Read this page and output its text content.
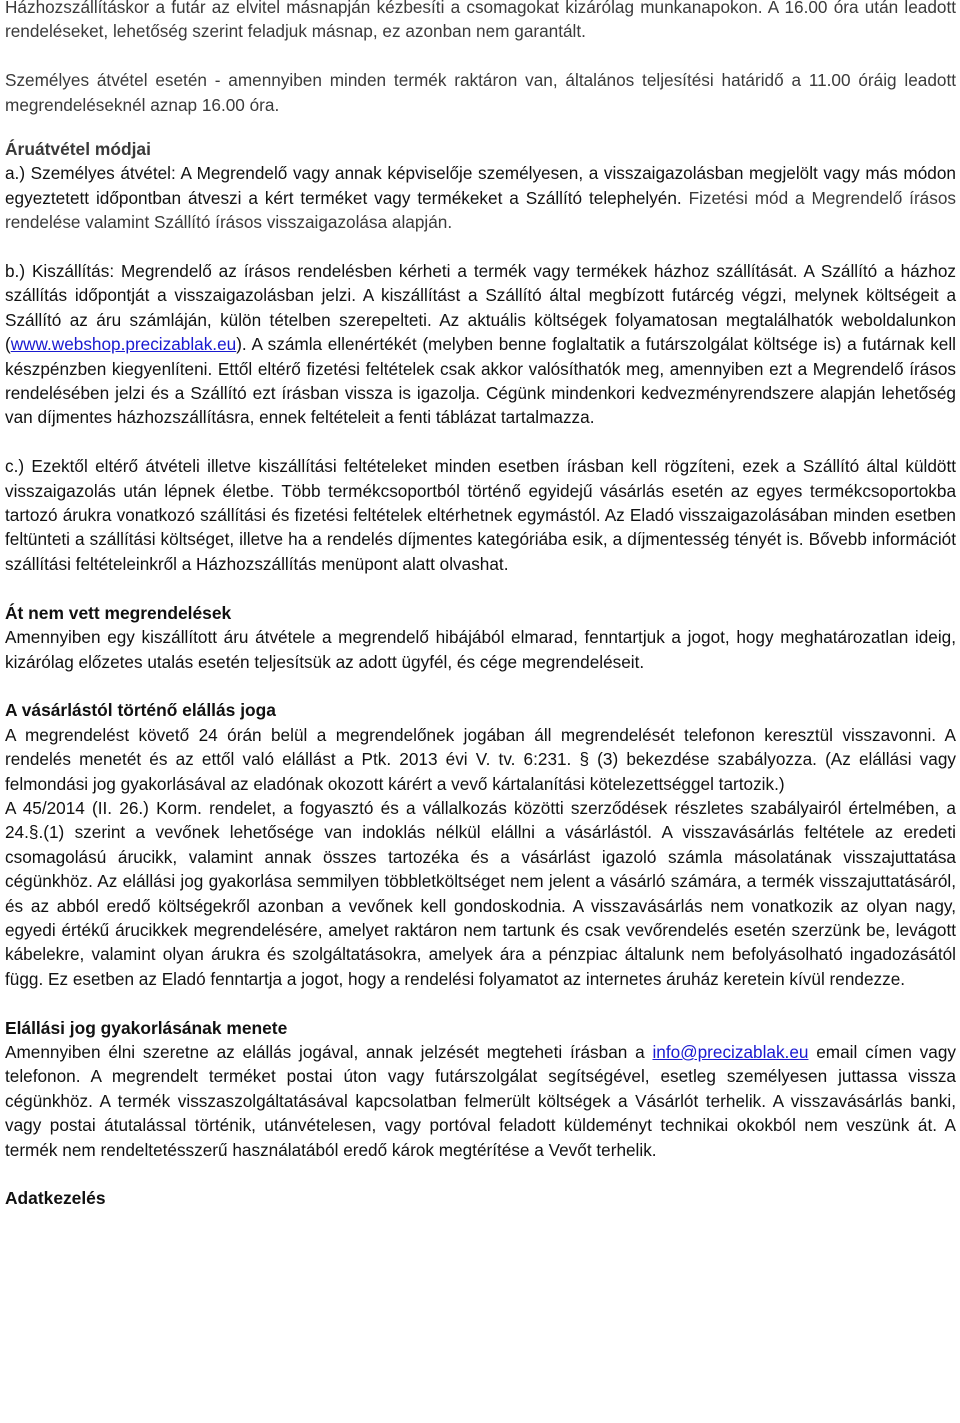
Házhozszállításkor a futár az elvitel másnapján kézbesíti a csomagokat kizárólag munkanapokon. A 16.00 óra után leadott rendeléseket, lehetőség szerint feladjuk másnap, ez azonban nem garantált.

Személyes átvétel esetén - amennyiben minden termék raktáron van, általános teljesítési határidő a 11.00 óráig leadott megrendeléseknél aznap 16.00 óra.

Áruátvétel módjai

a.) Személyes átvétel: A Megrendelő vagy annak képviselője személyesen, a visszaigazolásban megjelölt vagy más módon egyeztetett időpontban átveszi a kért terméket vagy termékeket a Szállító telephelyén. Fizetési mód a Megrendelő írásos rendelése valamint Szállító írásos visszaigazolása alapján.

b.) Kiszállítás: Megrendelő az írásos rendelésben kérheti a termék vagy termékek házhoz szállítását. A Szállító a házhoz szállítás időpontját a visszaigazolásban jelzi. A kiszállítást a Szállító által megbízott futárcég végzi, melynek költségeit a Szállító az áru számláján, külön tételben szerepelteti. Az aktuális költségek folyamatosan megtalálhatók weboldalunkon (www.webshop.precizablak.eu). A számla ellenértékét (melyben benne foglaltatik a futárszolgálat költsége is) a futárnak kell készpénzben kiegyenlíteni. Ettől eltérő fizetési feltételek csak akkor valósíthatók meg, amennyiben ezt a Megrendelő írásos rendelésében jelzi és a Szállító ezt írásban vissza is igazolja. Cégünk mindenkori kedvezményrendszere alapján lehetőség van díjmentes házhozszállításra, ennek feltételeit a fenti táblázat tartalmazza.

c.) Ezektől eltérő átvételi illetve kiszállítási feltételeket minden esetben írásban kell rögzíteni, ezek a Szállító által küldött visszaigazolás után lépnek életbe. Több termékcsoportból történő egyidejű vásárlás esetén az egyes termékcsoportokba tartozó árukra vonatkozó szállítási és fizetési feltételek eltérhetnek egymástól. Az Eladó visszaigazolásában minden esetben feltünteti a szállítási költséget, illetve ha a rendelés díjmentes kategóriába esik, a díjmentesség tényét is. Bővebb információt szállítási feltételeinkről a Házhozszállítás menüpont alatt olvashat.

Át nem vett megrendelések

Amennyiben egy kiszállított áru átvétele a megrendelő hibájából elmarad, fenntartjuk a jogot, hogy meghatározatlan ideig, kizárólag előzetes utalás esetén teljesítsük az adott ügyfél, és cége megrendeléseit.

A vásárlástól történő elállás joga

A megrendelést követő 24 órán belül a megrendelőnek jogában áll megrendelését telefonon keresztül visszavonni. A rendelés menetét és az ettől való elállást a Ptk. 2013 évi V. tv. 6:231. § (3) bekezdése szabályozza. (Az elállási vagy felmondási jog gyakorlásával az eladónak okozott kárért a vevő kártalanítási kötelezettséggel tartozik.)

A 45/2014 (II. 26.) Korm. rendelet, a fogyasztó és a vállalkozás közötti szerződések részletes szabályairól értelmében, a 24.§.(1) szerint a vevőnek lehetősége van indoklás nélkül elállni a vásárlástól. A visszavásárlás feltétele az eredeti csomagolású árucikk, valamint annak összes tartozéka és a vásárlást igazoló számla másolatának visszajuttatása cégünkhöz. Az elállási jog gyakorlása semmilyen többletköltséget nem jelent a vásárló számára, a termék visszajuttatásáról, és az abból eredő költségekről azonban a vevőnek kell gondoskodnia. A visszavásárlás nem vonatkozik az olyan nagy, egyedi értékű árucikkek megrendelésére, amelyet raktáron nem tartunk és csak vevőrendelés esetén szerzünk be, levágott kábelekre, valamint olyan árukra és szolgáltatásokra, amelyek ára a pénzpiac általunk nem befolyásolható ingadozásától függ. Ez esetben az Eladó fenntartja a jogot, hogy a rendelési folyamatot az internetes áruház keretein kívül rendezze.

Elállási jog gyakorlásának menete

Amennyiben élni szeretne az elállás jogával, annak jelzését megteheti írásban a info@precizablak.eu email címen vagy telefonon. A megrendelt terméket postai úton vagy futárszolgálat segítségével, esetleg személyesen juttassa vissza cégünkhöz. A termék visszaszolgáltatásával kapcsolatban felmerült költségek a Vásárlót terhelik. A visszavásárlás banki, vagy postai átutalással történik, utánvételesen, vagy portóval feladott küldeményt technikai okokból nem veszünk át. A termék nem rendeltetésszerű használatából eredő károk megtérítése a Vevőt terhelik.

Adatkezelés
